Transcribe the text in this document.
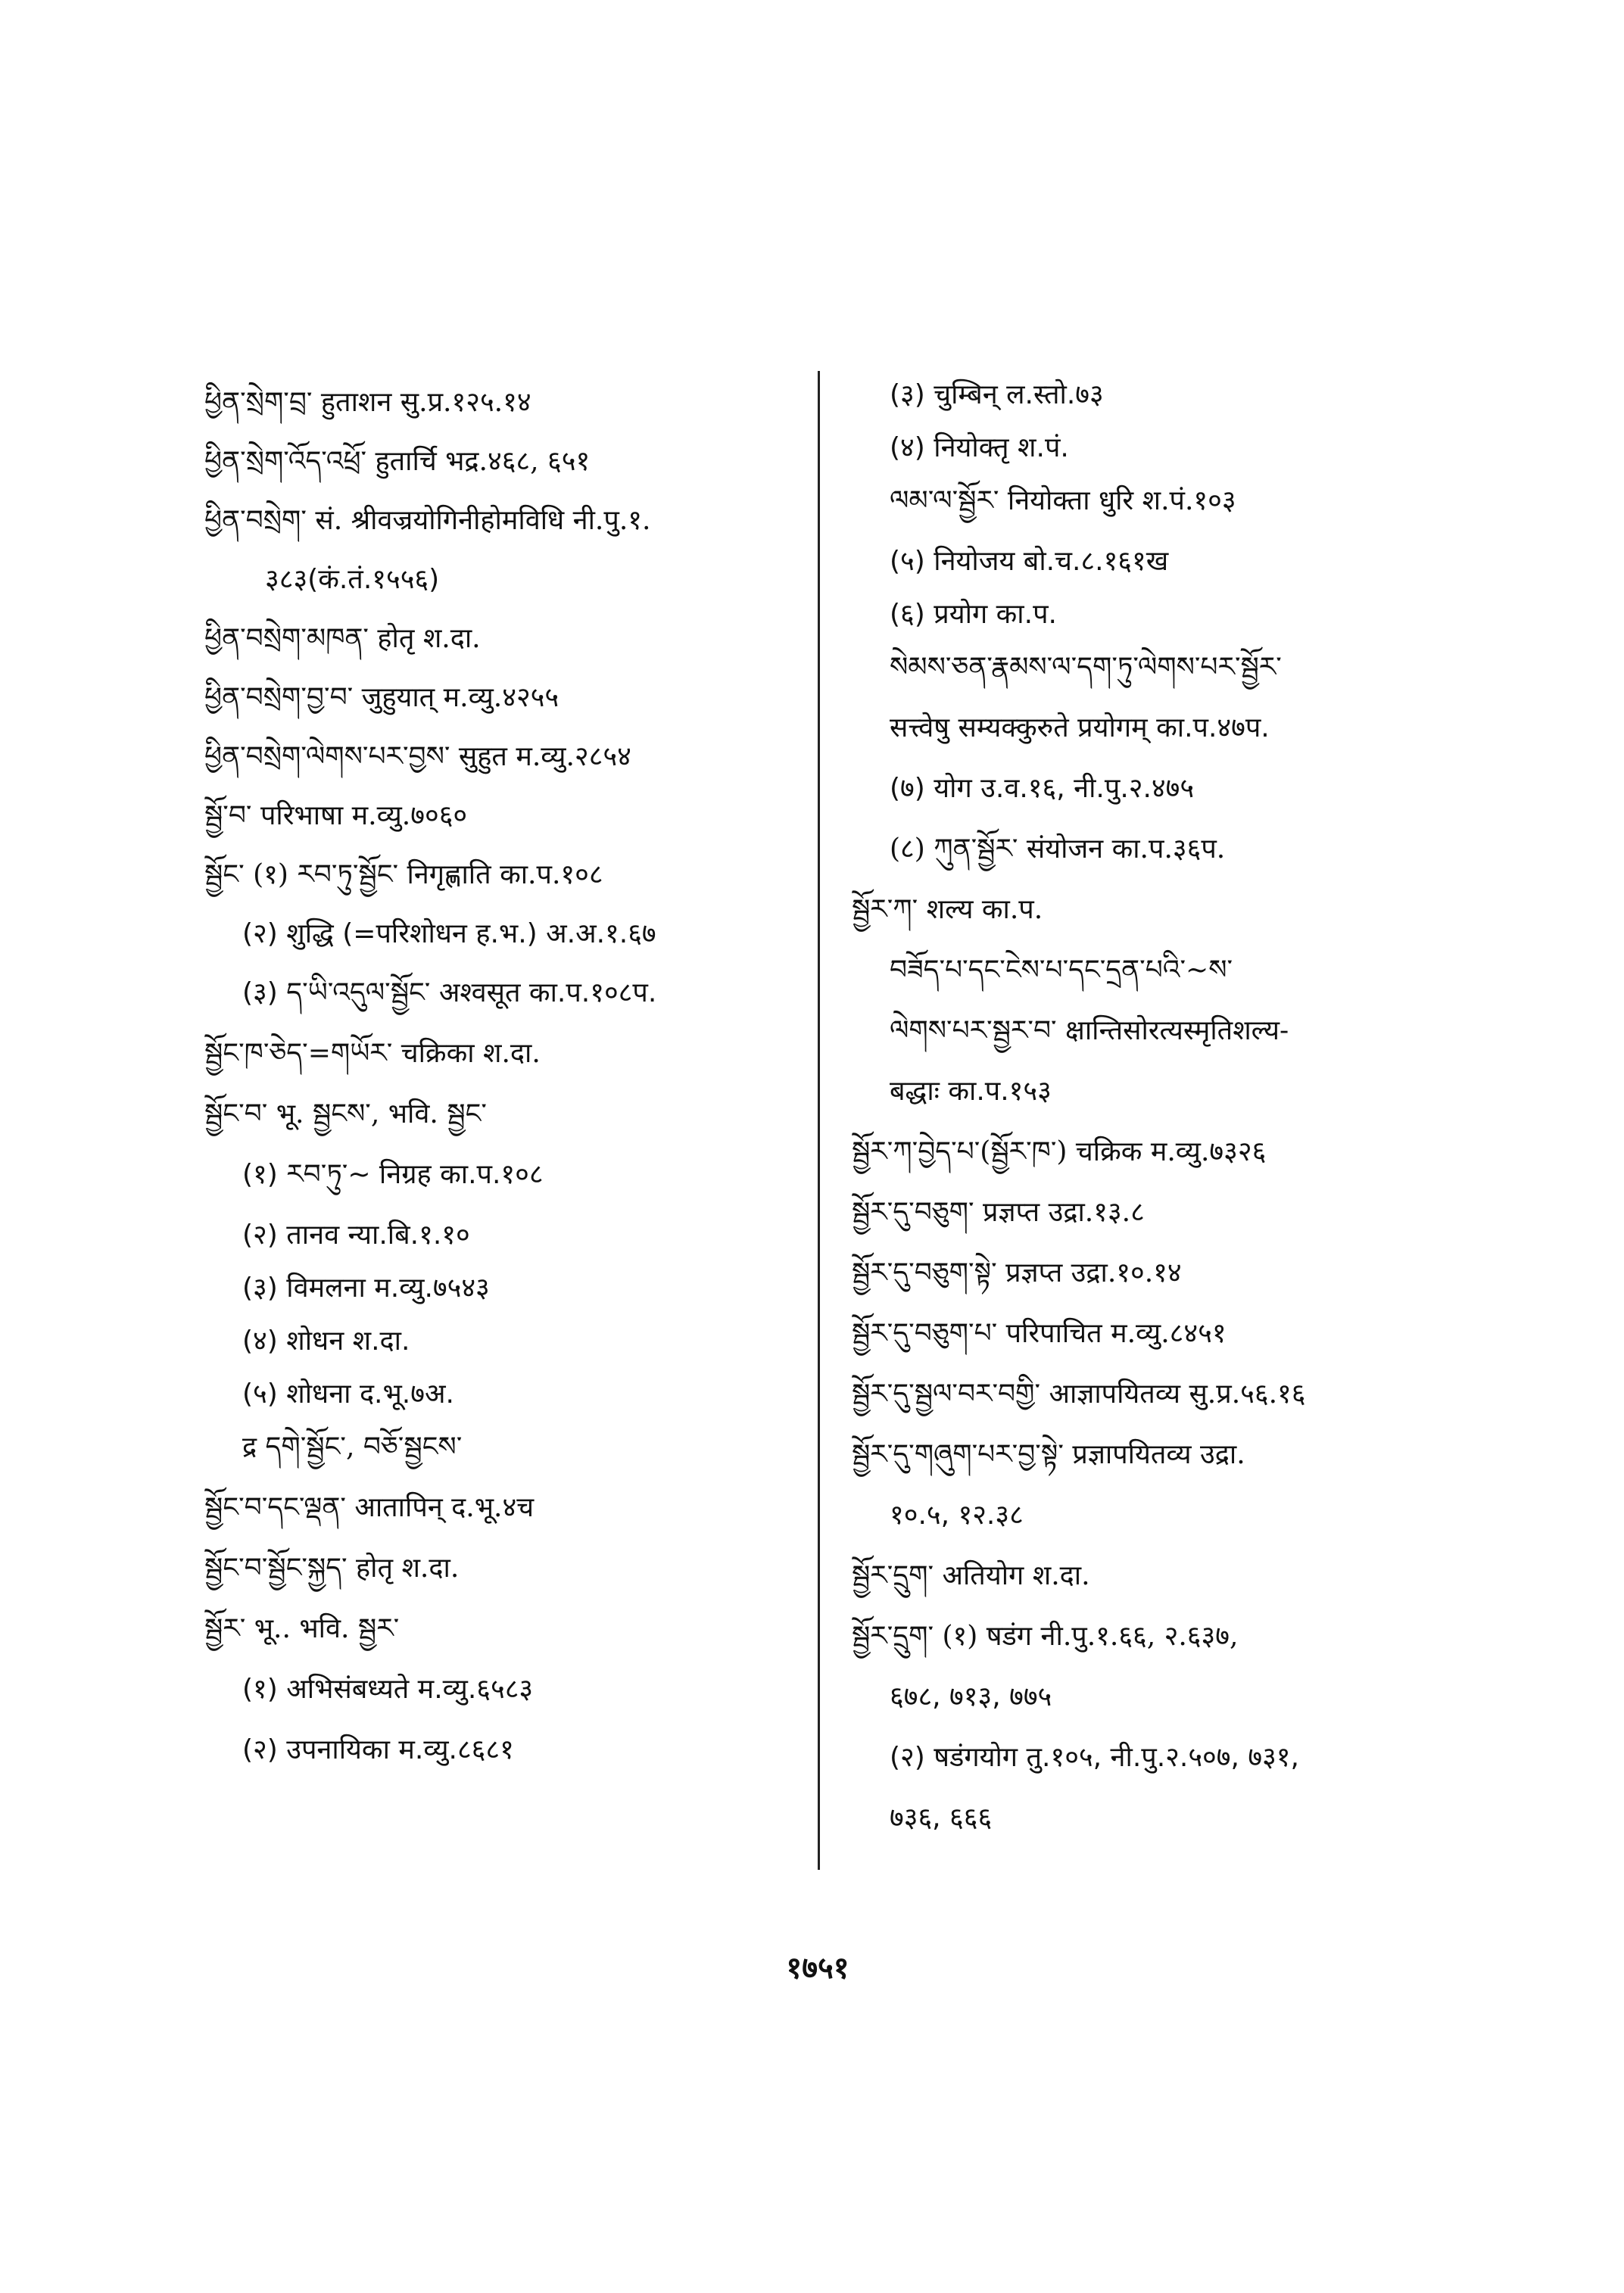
ཕྱིན་སྲེག་བྲ་ हुताशन सु.प्र.१२५.१४
ཕྱིན་སྲེག་འོད་འཕྲོ་ हुतार्चि भद्र.४६८, ६५१
ཕྱིན་བསྲེག་ सं. श्रीवज्रयोगिनीहोमविधि नी.पु.१.
३८३(कं.तं.१५५६)
ཕྱིན་བསྲེག་མཁན་ होतृ श.दा.
ཕྱིན་བསྲེག་བྱ་བ་ जुहुयात् म.व्यु.४२५५
ཕྱིན་བསྲེག་ལེགས་པར་བྱས་ सुहुत म.व्यु.२८५४
སྦྱོ་བ་ परिभाषा म.व्यु.७०६०
སྦྱོང་ (१) རབ་ཏུ་སྦྱོང་ निगृह्णाति का.प.१०८
(२) शुद्धि (=परिशोधन ह.भ.) अ.अ.१.६७
(३) ད་ཡི་འདུལ་སྦྱོང་ अश्वसूत का.प.१०८प.
སྦྱོང་ཁ་ཅེད་=གཡོར་ चक्रिका श.दा.
སྦྱོང་བ་ भू. སྦྱངས་, भवि. སྦྱང་
(१) རབ་ཏུ་~ निग्रह का.प.१०८
(२) तानव न्या.बि.१.१०
(३) विमलना म.व्यु.७५४३
(४) शोधन श.दा.
(५) शोधना द.भू.७अ.
द्र དགེ་སྦྱོང་, བཅོ་སྦྱངས་
སྦྱོང་བ་དང་ལྡན་ आतापिन् द.भू.४च
སྦྱོང་བ་སྦྱོང་སྐྱད་ होतृ श.दा.
སྦྱོར་ भू.. भवि. སྦྱར་
(१) अभिसंबध्यते म.व्यु.६५८३
(२) उपनायिका म.व्यु.८६८१
(३) चुम्बिन् ल.स्तो.७३
(४) नियोक्तृ श.पं.
ལམ་ལ་སྦྱོར་ नियोक्ता धुरि श.पं.१०३
(५) नियोजय बो.च.८.१६१ख
(६) प्रयोग का.प.
སེམས་ཅན་རྣམས་ལ་དག་ཏུ་ལེགས་པར་སྦྱོར་
सत्त्वेषु सम्यक्कुरुते प्रयोगम् का.प.४७प.
(७) योग उ.व.१६, नी.पु.२.४७५
(८) ཀུན་སྦྱོར་ संयोजन का.प.३६प.
སྦྱོར་ཀ་ शल्य का.प.
བཟོད་པ་དང་ངེས་པ་དང་དྲན་པའི་~ས་
ལེགས་པར་སྦྱར་བ་ क्षान्तिसोरत्यस्मृतिशल्य-
बद्धाः का.प.१५३
སྦྱོར་ཀ་བྱེད་པ་(སྦྱོར་ཁ་) चक्रिक म.व्यु.७३२६
སྦྱོར་དུ་བཅུག་ प्रज्ञप्त उद्रा.१३.८
སྦྱོར་དུ་བཅུག་སྟེ་ प्रज्ञप्त उद्रा.१०.१४
སྦྱོར་དུ་བཅུག་པ་ परिपाचित म.व्यु.८४५१
སྦྱོར་དུ་སྦྱལ་བར་བགྱི་ आज्ञापयितव्य सु.प्र.५६.१६
སྦྱོར་དུ་གཞུག་པར་བྱ་སྟེ་ प्रज्ञापयितव्य उद्रा.
१०.५, १२.३८
སྦྱོར་དྲུག་ अतियोग श.दा.
སྦྱོར་དྲུག་ (१) षडंग नी.पु.१.६६, २.६३७,
६७८, ७१३, ७७५
(२) षडंगयोग तु.१०५, नी.पु.२.५०७, ७३१,
७३६, ६६६
१७५१
